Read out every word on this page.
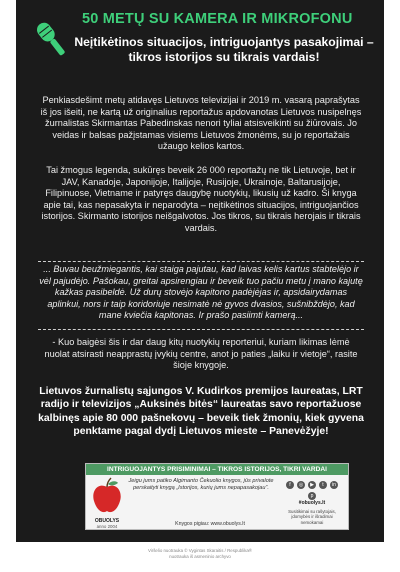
50 METŲ SU KAMERA IR MIKROFONU
Neįtikėtinos situacijos, intriguojantys pasakojimai – tikros istorijos su tikrais vardais!

Penkiasdešimt metų atidavęs Lietuvos televizijai ir 2019 m. vasarą paprašytas iš jos išeiti, ne kartą už originalius reportažus apdovanotas Lietuvos nusipelnęs žurnalistas Skirmantas Pabedinskas nenori tyliai atsisveikinti su žiūrovais. Jo veidas ir balsas pažįstamas visiems Lietuvos žmonėms, su jo reportažais užaugo kelios kartos.

Tai žmogus legenda, sukūręs beveik 26 000 reportažų ne tik Lietuvoje, bet ir JAV, Kanadoje, Japonijoje, Italijoje, Rusijoje, Ukrainoje, Baltarusijoje, Filipinuose, Vietname ir patyręs daugybę nuotykių, likusių už kadro. Ši knyga apie tai, kas nepasakyta ir neparodyta – neįtikėtinos situacijos, intriguojančios istorijos. Skirmanto istorijos neišgalvotos. Jos tikros, su tikrais herojais ir tikrais vardais.

... Buvau beužmiegantis, kai staiga pajutau, kad laivas kelis kartus stabtelėjo ir vėl pajudėjo. Pašokau, greitai apsirengiau ir beveik tuo pačiu metu į mano kajutę kažkas pasibeldė. Už durų stovėjo kapitono padėjėjas ir, apsidairydamas aplinkui, nors ir taip koridoriuje nesimatė nė gyvos dvasios, sušnibždėjo, kad mane kviečia kapitonas. Ir prašo pasiimti kamerą...

- Kuo baigėsi šis ir dar daug kitų nuotykių reporteriui, kuriam likimas lėmė nuolat atsirasti neapprastų įvykių centre, anot jo paties „laiku ir vietoje“, rasite šioje knygoje.

Lietuvos žurnalistų sąjungos V. Kudirkos premijos laureatas, LRT radijo ir televizijos „Auksinės bitės“ laureatas savo reportažuose kalbinęs apie 80 000 pašnekovų – beveik tiek žmonių, kiek gyvena penktame pagal dydį Lietuvos mieste – Panevėžyje!

INTRIGUOJANTYS PRISIMINIMAI – TIKROS ISTORIJOS, TIKRI VARDAI
OBUOLYS
anno 2004

Jeigu jums patiko Algimanto Čekuolio knygos, jūs privalote perskaityti knygą „Istorijos, kurių jums nepapasakojau“.

Knygos pigiau: www.obuolys.lt
f	◎	▶	t	in
p
#obuolys.lt

Susitikimai su rašytojais, įdomybės ir išradimai nemokamai

Viršelio nuotrauka © Vygintas Skaraitis / Respublika®
nuotrauka iš asmeninio archyvo
